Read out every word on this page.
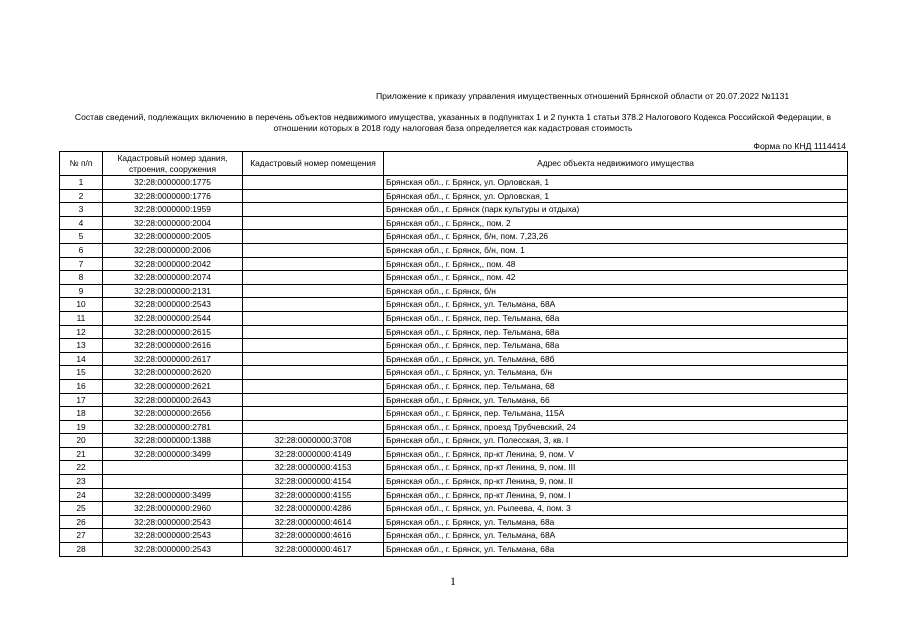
Приложение к приказу управления имущественных отношений Брянской области от 20.07.2022 №1131
Состав сведений, подлежащих включению в перечень объектов недвижимого имущества, указанных в подпунктах 1 и 2 пункта 1 статьи 378.2 Налогового Кодекса Российской Федерации, в отношении которых в 2018 году налоговая база определяется как кадастровая стоимость
Форма по КНД 1114414
№ п/п	Кадастровый номер здания, строения, сооружения	Кадастровый номер помещения	Адрес объекта недвижимого имущества
1	32:28:0000000:1775		Брянская обл., г. Брянск, ул. Орловская, 1
2	32:28:0000000:1776		Брянская обл., г. Брянск, ул. Орловская, 1
3	32:28:0000000:1959		Брянская обл., г. Брянск (парк культуры и отдыха)
4	32:28:0000000:2004		Брянская обл., г. Брянск,, пом. 2
5	32:28:0000000:2005		Брянская обл., г. Брянск, б/н, пом. 7,23,26
6	32:28:0000000:2006		Брянская обл., г. Брянск, б/н, пом. 1
7	32:28:0000000:2042		Брянская обл., г. Брянск,, пом. 48
8	32:28:0000000:2074		Брянская обл., г. Брянск,, пом. 42
9	32:28:0000000:2131		Брянская обл., г. Брянск, б/н
10	32:28:0000000:2543		Брянская обл., г. Брянск, ул. Тельмана, 68А
11	32:28:0000000:2544		Брянская обл., г. Брянск, пер. Тельмана, 68а
12	32:28:0000000:2615		Брянская обл., г. Брянск, пер. Тельмана, 68а
13	32:28:0000000:2616		Брянская обл., г. Брянск, пер. Тельмана, 68а
14	32:28:0000000:2617		Брянская обл., г. Брянск, ул. Тельмана, 68б
15	32:28:0000000:2620		Брянская обл., г. Брянск, ул. Тельмана, б/н
16	32:28:0000000:2621		Брянская обл., г. Брянск, пер. Тельмана, 68
17	32:28:0000000:2643		Брянская обл., г. Брянск, ул. Тельмана, 66
18	32:28:0000000:2656		Брянская обл., г. Брянск, пер. Тельмана, 115А
19	32:28:0000000:2781		Брянская обл., г. Брянск, проезд Трубчевский, 24
20	32:28:0000000:1388	32:28:0000000:3708	Брянская обл., г. Брянск, ул. Полесская, 3, кв. I
21	32:28:0000000:3499	32:28:0000000:4149	Брянская обл., г. Брянск, пр-кт Ленина, 9, пом. V
22		32:28:0000000:4153	Брянская обл., г. Брянск, пр-кт Ленина, 9, пом. III
23		32:28:0000000:4154	Брянская обл., г. Брянск, пр-кт Ленина, 9, пом. II
24	32:28:0000000:3499	32:28:0000000:4155	Брянская обл., г. Брянск, пр-кт Ленина, 9, пом. I
25	32:28:0000000:2960	32:28:0000000:4286	Брянская обл., г. Брянск, ул. Рылеева, 4, пом. 3
26	32:28:0000000:2543	32:28:0000000:4614	Брянская обл., г. Брянск, ул. Тельмана, 68а
27	32:28:0000000:2543	32:28:0000000:4616	Брянская обл., г. Брянск, ул. Тельмана, 68А
28	32:28:0000000:2543	32:28:0000000:4617	Брянская обл., г. Брянск, ул. Тельмана, 68а
1
